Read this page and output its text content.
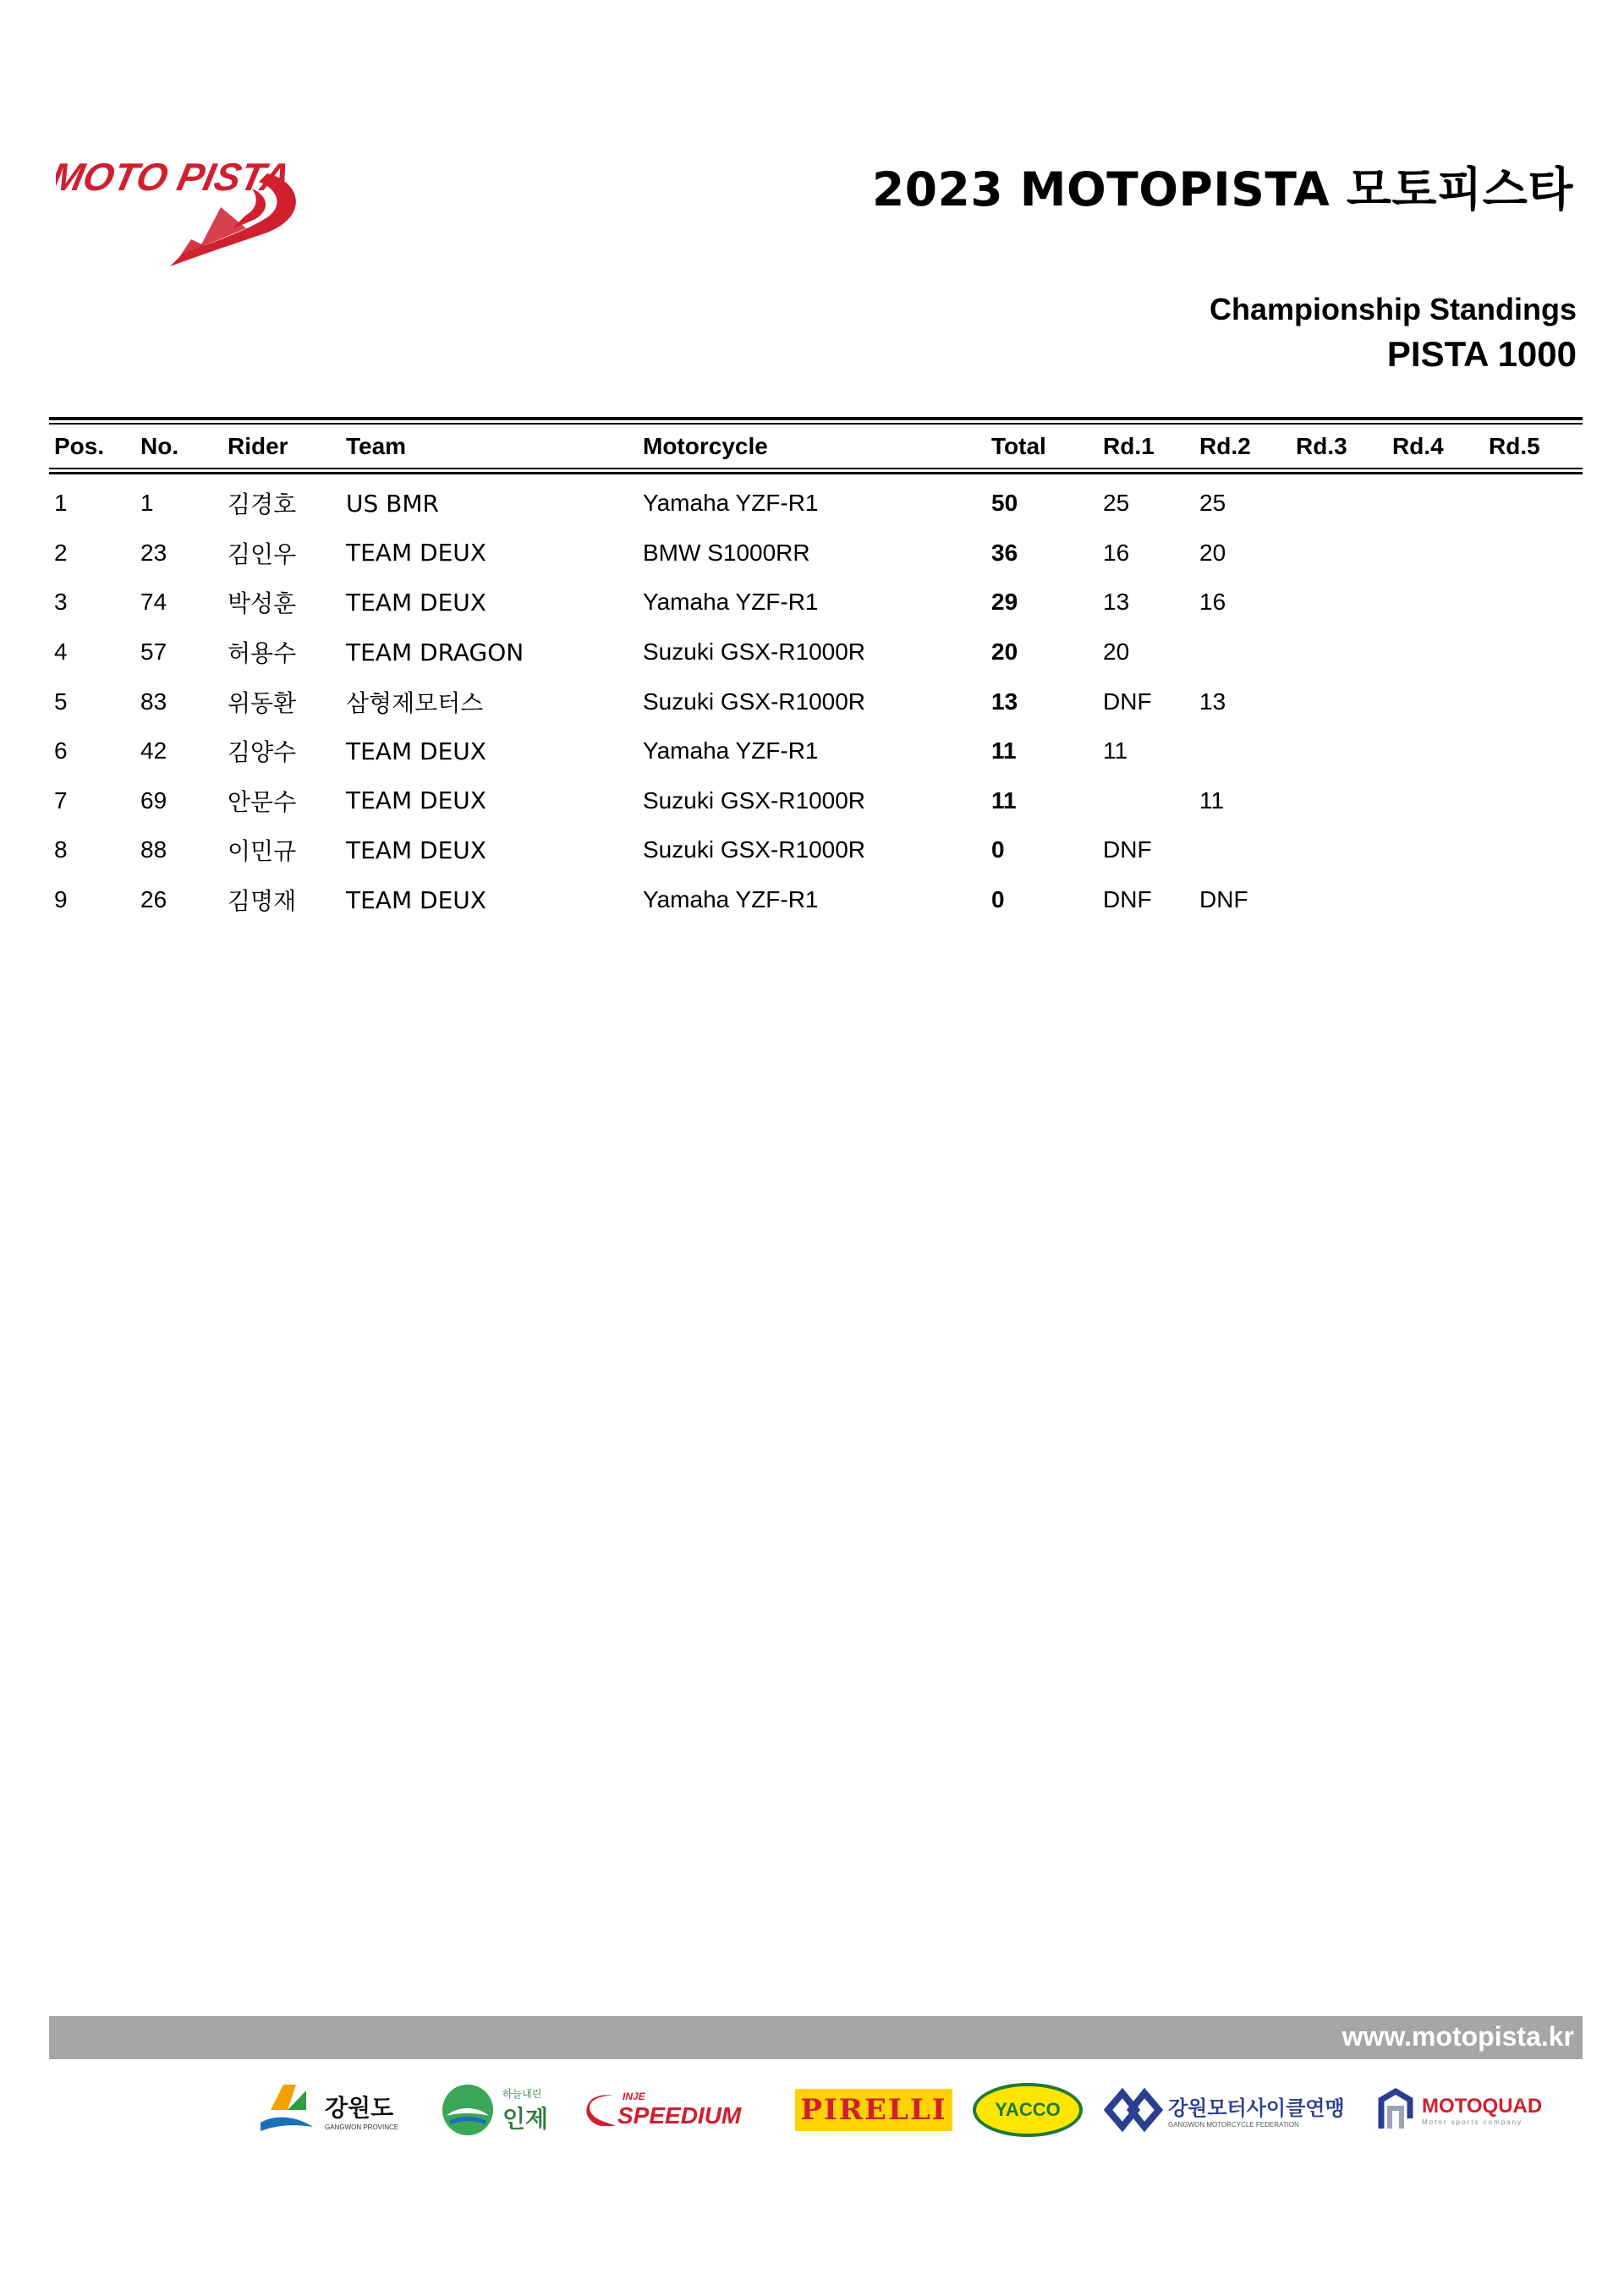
MOTO PISTA	2023 MOTOPISTA 모토피스타
Championship Standings
PISTA 1000
Pos.	No.	Rider	Team	Motorcycle	Total	Rd.1	Rd.2	Rd.3	Rd.4	Rd.5
1	1	김경호	US BMR	Yamaha YZF-R1	50	25	25			
2	23	김인우	TEAM DEUX	BMW S1000RR	36	16	20			
3	74	박성훈	TEAM DEUX	Yamaha YZF-R1	29	13	16			
4	57	허용수	TEAM DRAGON	Suzuki GSX-R1000R	20	20				
5	83	위동환	삼형제모터스	Suzuki GSX-R1000R	13	DNF	13			
6	42	김양수	TEAM DEUX	Yamaha YZF-R1	11	11				
7	69	안문수	TEAM DEUX	Suzuki GSX-R1000R	11		11			
8	88	이민규	TEAM DEUX	Suzuki GSX-R1000R	0	DNF				
9	26	김명재	TEAM DEUX	Yamaha YZF-R1	0	DNF	DNF			
www.motopista.kr
강원도
GANGWON PROVINCE
하늘내린
인제
INJE
SPEEDIUM PIRELLI	YACCO	강원모터사이클연맹
GANGWON MOTORCYCLE FEDERATION
MOTOQUAD
Motor sports company
